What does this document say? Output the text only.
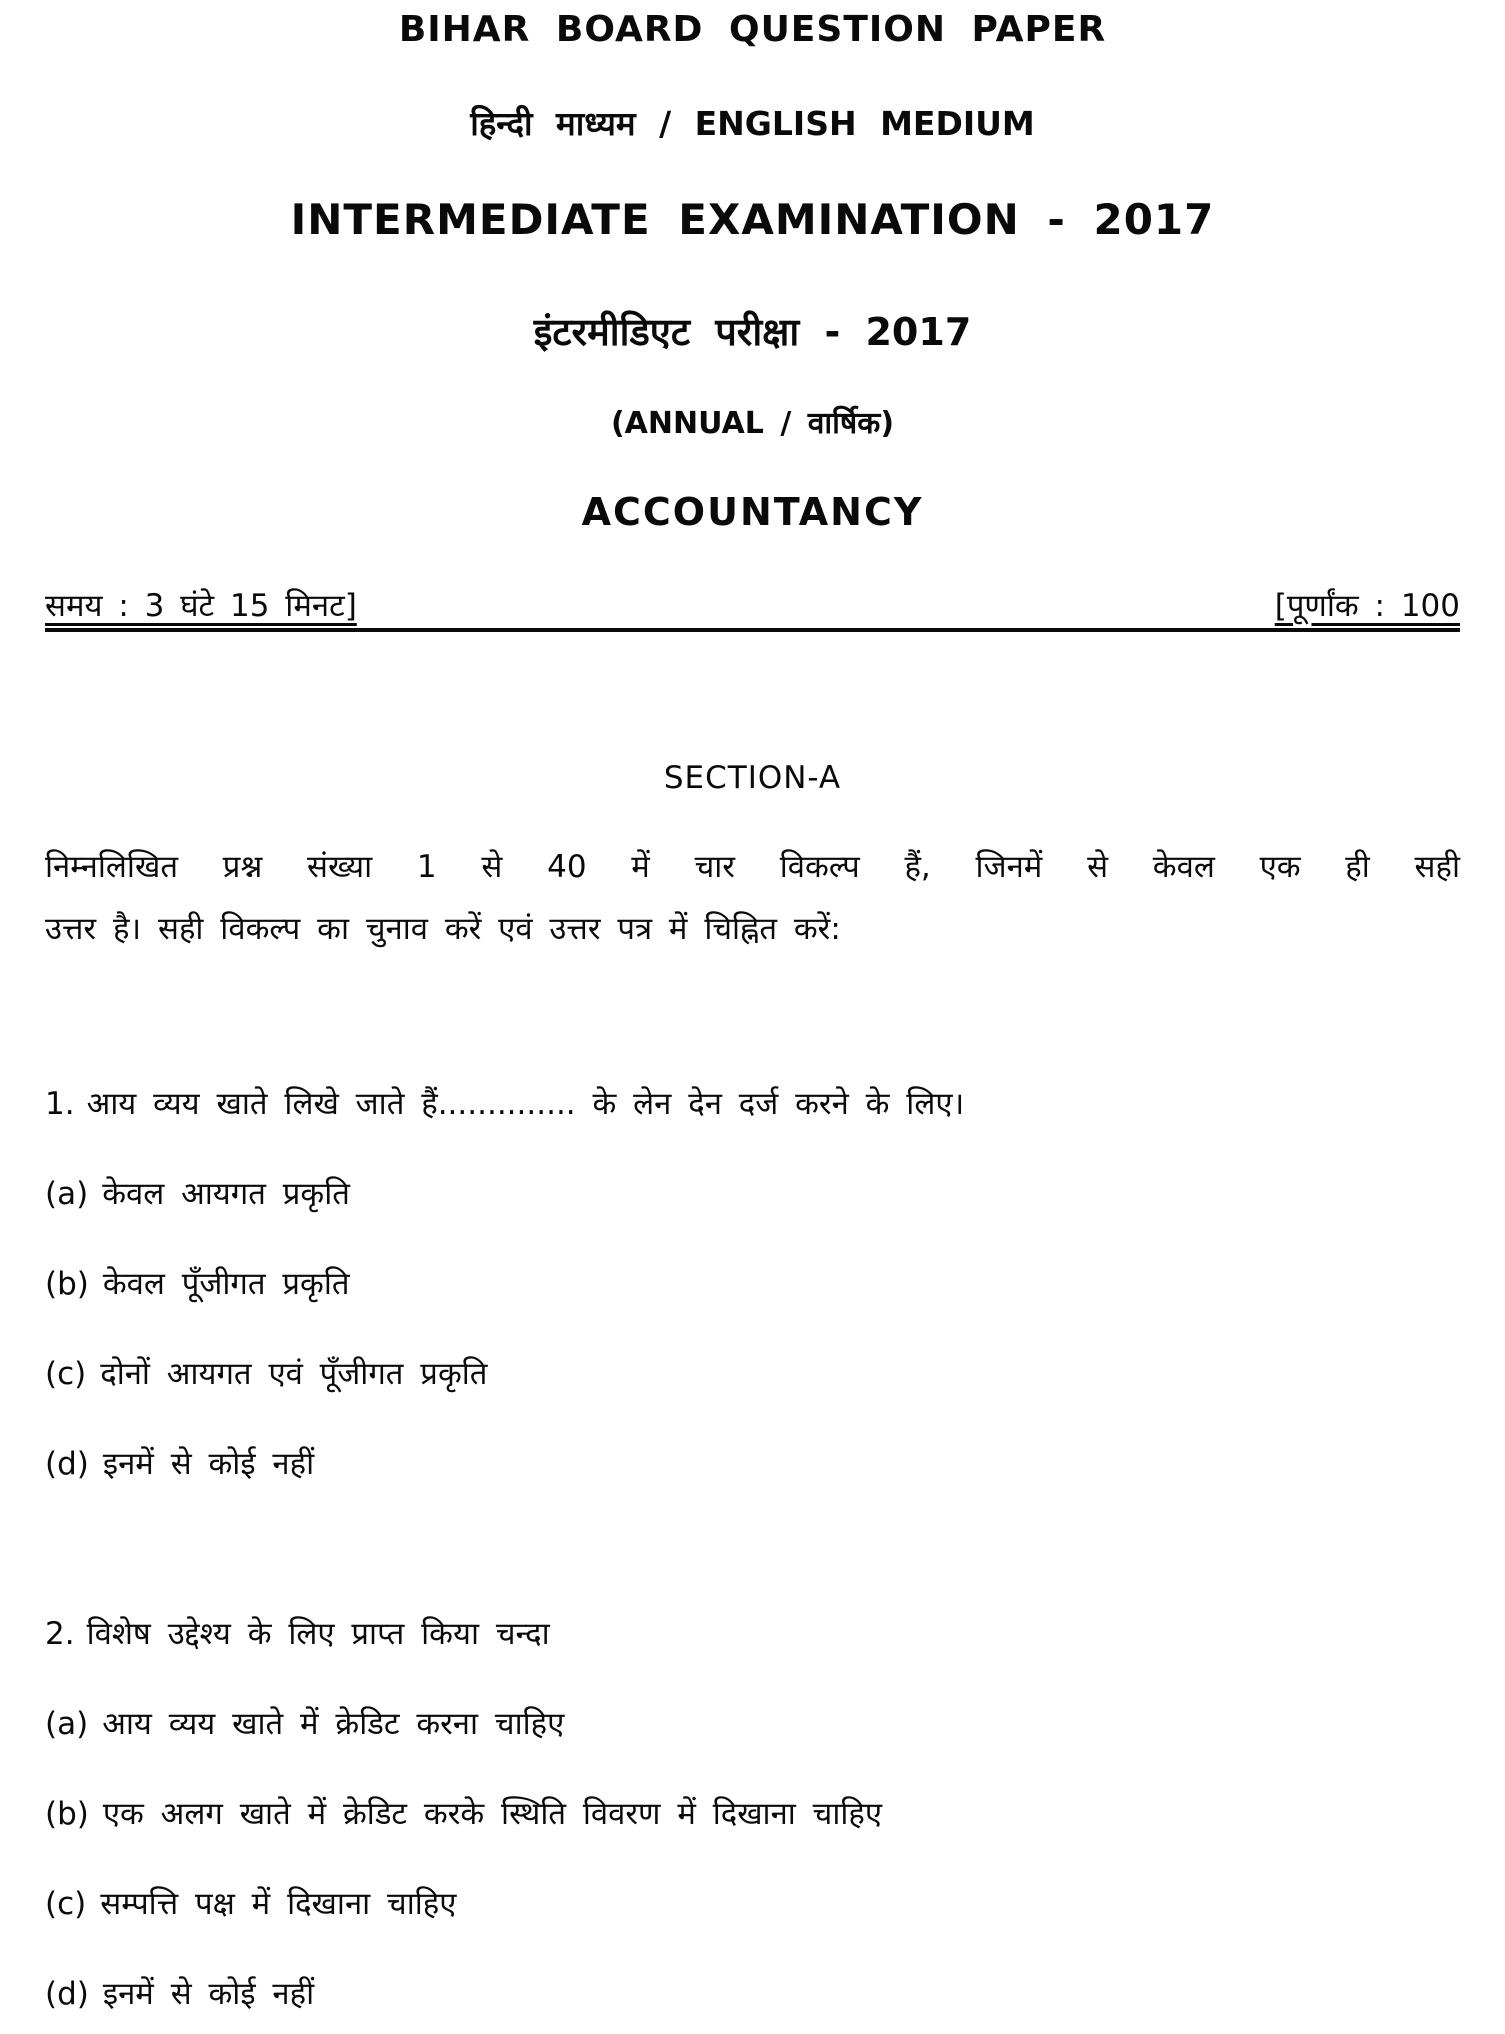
BIHAR BOARD QUESTION PAPER
हिन्दी माध्यम / ENGLISH MEDIUM
INTERMEDIATE EXAMINATION - 2017
इंटरमीडिएट परीक्षा - 2017
(ANNUAL / वार्षिक)
ACCOUNTANCY
समय : 3 घंटे 15 मिनट]	[पूर्णांक : 100
SECTION-A
निम्नलिखित प्रश्न संख्या 1 से 40 में चार विकल्प हैं, जिनमें से केवल एक ही सही
उत्तर है। सही विकल्प का चुनाव करें एवं उत्तर पत्र में चिह्नित करें:
1. आय व्यय खाते लिखे जाते हैं.............. के लेन देन दर्ज करने के लिए।
(a) केवल आयगत प्रकृति
(b) केवल पूँजीगत प्रकृति
(c) दोनों आयगत एवं पूँजीगत प्रकृति
(d) इनमें से कोई नहीं
2. विशेष उद्देश्य के लिए प्राप्त किया चन्दा
(a) आय व्यय खाते में क्रेडिट करना चाहिए
(b) एक अलग खाते में क्रेडिट करके स्थिति विवरण में दिखाना चाहिए
(c) सम्पत्ति पक्ष में दिखाना चाहिए
(d) इनमें से कोई नहीं
